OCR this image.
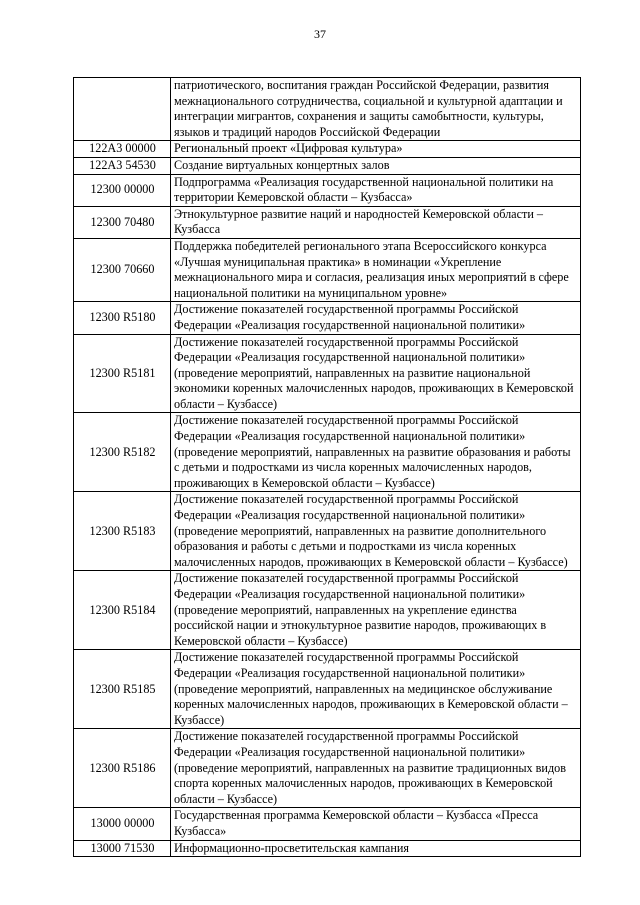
37
	патриотического, воспитания граждан Российской Федерации, развития межнационального сотрудничества, социальной и культурной адаптации и интеграции мигрантов, сохранения и защиты самобытности, культуры, языков и традиций народов Российской Федерации
122А3 00000	Региональный проект «Цифровая культура»
122А3 54530	Создание виртуальных концертных залов
12300 00000	Подпрограмма «Реализация государственной национальной политики на территории Кемеровской области – Кузбасса»
12300 70480	Этнокультурное развитие наций и народностей Кемеровской области – Кузбасса
12300 70660	Поддержка победителей регионального этапа Всероссийского конкурса «Лучшая муниципальная практика» в номинации «Укрепление межнационального мира и согласия, реализация иных мероприятий в сфере национальной политики на муниципальном уровне»
12300 R5180	Достижение показателей государственной программы Российской Федерации «Реализация государственной национальной политики»
12300 R5181	Достижение показателей государственной программы Российской Федерации «Реализация государственной национальной политики» (проведение мероприятий, направленных на развитие национальной экономики коренных малочисленных народов, проживающих в Кемеровской области – Кузбассе)
12300 R5182	Достижение показателей государственной программы Российской Федерации «Реализация государственной национальной политики» (проведение мероприятий, направленных на развитие образования и работы с детьми и подростками из числа коренных малочисленных народов, проживающих в Кемеровской области – Кузбассе)
12300 R5183	Достижение показателей государственной программы Российской Федерации «Реализация государственной национальной политики» (проведение мероприятий, направленных на развитие дополнительного образования и работы с детьми и подростками из числа коренных малочисленных народов, проживающих в Кемеровской области – Кузбассе)
12300 R5184	Достижение показателей государственной программы Российской Федерации «Реализация государственной национальной политики» (проведение мероприятий, направленных на укрепление единства российской нации и этнокультурное развитие народов, проживающих в Кемеровской области – Кузбассе)
12300 R5185	Достижение показателей государственной программы Российской Федерации «Реализация государственной национальной политики» (проведение мероприятий, направленных на медицинское обслуживание коренных малочисленных народов, проживающих в Кемеровской области – Кузбассе)
12300 R5186	Достижение показателей государственной программы Российской Федерации «Реализация государственной национальной политики» (проведение мероприятий, направленных на развитие традиционных видов спорта коренных малочисленных народов, проживающих в Кемеровской области – Кузбассе)
13000 00000	Государственная программа Кемеровской области – Кузбасса «Пресса Кузбасса»
13000 71530	Информационно-просветительская кампания
